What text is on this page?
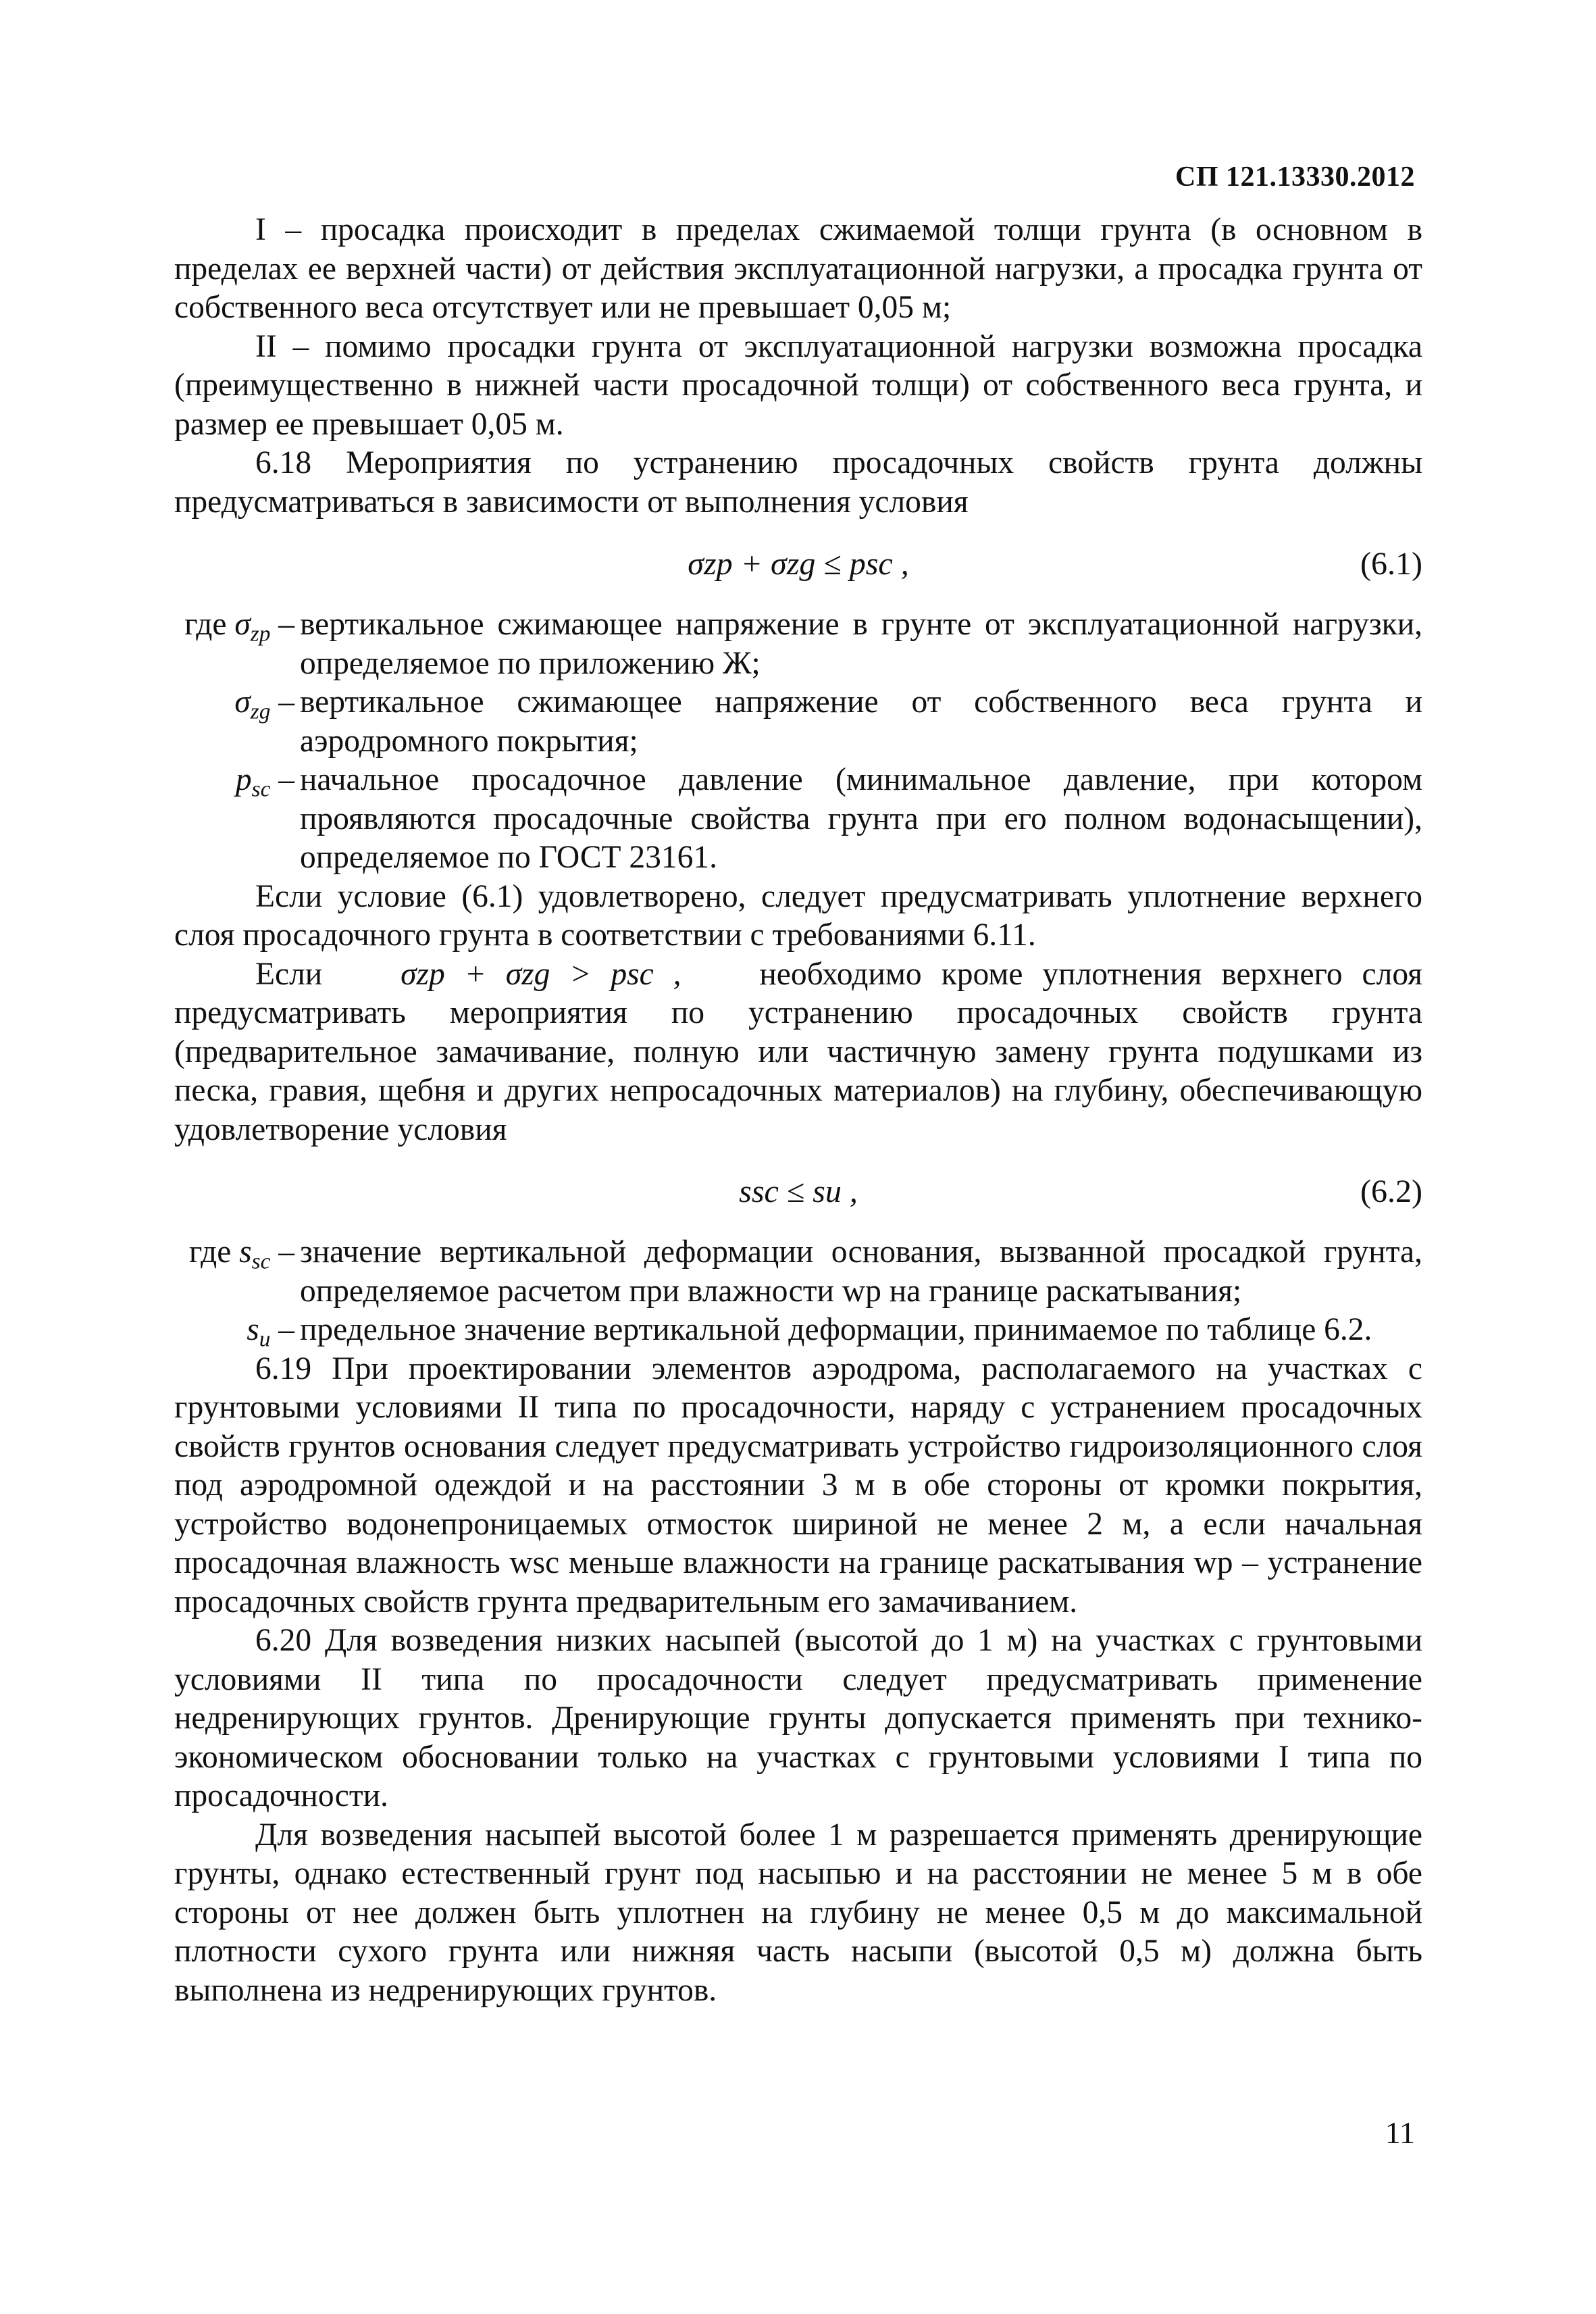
СП 121.13330.2012

I – просадка происходит в пределах сжимаемой толщи грунта (в основном в пределах ее верхней части) от действия эксплуатационной нагрузки, а просадка грунта от собственного веса отсутствует или не превышает 0,05 м;

II – помимо просадки грунта от эксплуатационной нагрузки возможна просадка (преимущественно в нижней части просадочной толщи) от собственного веса грунта, и размер ее превышает 0,05 м.

6.18 Мероприятия по устранению просадочных свойств грунта должны предусматриваться в зависимости от выполнения условия

σzp + σzg ≤ psc ,	(6.1)
где $\sigma_{zp}$ – вертикальное сжимающее напряжение в грунте от эксплуатационной нагрузки, определяемое по приложению Ж;
$\sigma_{zg}$ – вертикальное сжимающее напряжение от собственного веса грунта и аэродромного покрытия;
$p_{sc}$ – начальное просадочное давление (минимальное давление, при котором проявляются просадочные свойства грунта при его полном водонасыщении), определяемое по ГОСТ 23161.

Если условие (6.1) удовлетворено, следует предусматривать уплотнение верхнего слоя просадочного грунта в соответствии с требованиями 6.11.

Если σzp + σzg > psc , необходимо кроме уплотнения верхнего слоя предусматривать мероприятия по устранению просадочных свойств грунта (предварительное замачивание, полную или частичную замену грунта подушками из песка, гравия, щебня и других непросадочных материалов) на глубину, обеспечивающую удовлетворение условия

ssc ≤ su ,	(6.2)
где $s_{sc}$ – значение вертикальной деформации основания, вызванной просадкой грунта, определяемое расчетом при влажности wp на границе раскатывания;
$s_u$ – предельное значение вертикальной деформации, принимаемое по таблице 6.2.

6.19 При проектировании элементов аэродрома, располагаемого на участках с грунтовыми условиями II типа по просадочности, наряду с устранением просадочных свойств грунтов основания следует предусматривать устройство гидроизоляционного слоя под аэродромной одеждой и на расстоянии 3 м в обе стороны от кромки покрытия, устройство водонепроницаемых отмосток шириной не менее 2 м, а если начальная просадочная влажность wsc меньше влажности на границе раскатывания wp – устранение просадочных свойств грунта предварительным его замачиванием.

6.20 Для возведения низких насыпей (высотой до 1 м) на участках с грунтовыми условиями II типа по просадочности следует предусматривать применение недренирующих грунтов. Дренирующие грунты допускается применять при технико-экономическом обосновании только на участках с грунтовыми условиями I типа по просадочности.

Для возведения насыпей высотой более 1 м разрешается применять дренирующие грунты, однако естественный грунт под насыпью и на расстоянии не менее 5 м в обе стороны от нее должен быть уплотнен на глубину не менее 0,5 м до максимальной плотности сухого грунта или нижняя часть насыпи (высотой 0,5 м) должна быть выполнена из недренирующих грунтов.

11
